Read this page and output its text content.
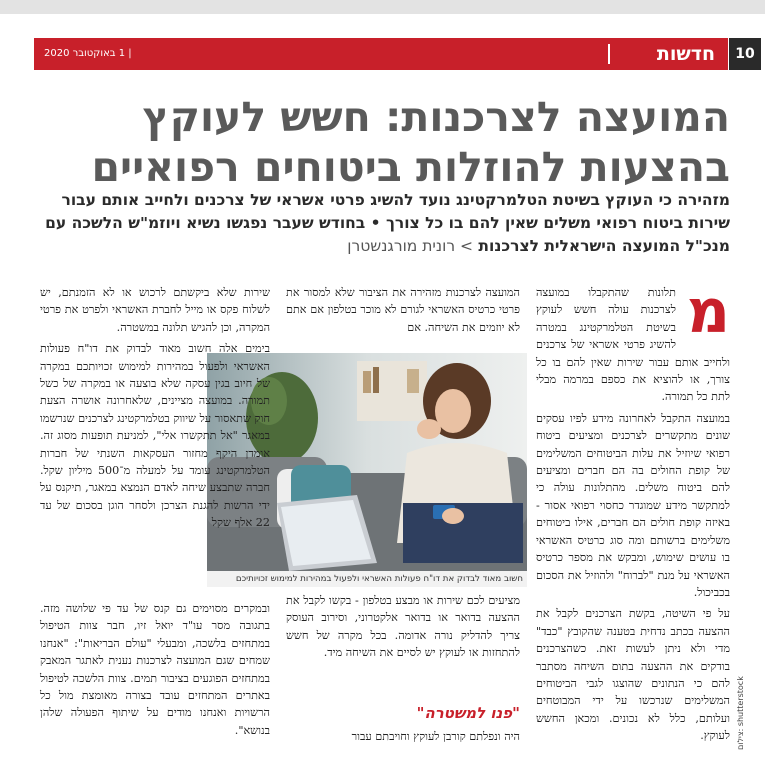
10
חדשות
| 1 באוקטובר 2020
המועצה לצרכנות: חשש לעוקץ בהצעות להוזלות ביטוחים רפואיים
מזהירה כי העוקץ בשיטת הטלמרקטינג נועד להשיג פרטי אשראי של צרכנים ולחייב אותם עבור שירות ביטוח רפואי משלים שאין להם בו כל צורך • בחודש שעבר נפגשו נשיא ויוזמ"ש הלשכה עם מנכ"ל המועצה הישראלית לצרכנות > רונית מורגנשטרן
מ

תלונות שהתקבלו במועצה לצרכנות עולה חשש לעוקץ בשיטת הטלמרקטינג במטרה להשיג פרטי אשראי של צרכנים ולחייב אותם עבור שירות שאין להם בו כל צורך, או להוציא את כספם במרמה מבלי לתת כל תמורה.

במועצה התקבל לאחרונה מידע לפיו עסקים שונים מתקשרים לצרכנים ומציעים ביטוח רפואי שיוזיל את עלות הביטוחים המשלימים של קופת החולים בה הם חברים ומציעים להם ביטוח משלים. מהתלונות עולה כי למתקשר מידע שמוגדר כחסוי רפואי אסור - באיזה קופת חולים הם חברים, אילו ביטוחים משלימים ברשותם ומה סוג כרטיס האשראי בו עושים שימוש, ומבקש את מספר כרטיס האשראי על מנת "לברוח" ולהוזיל את הסכום בכביכול.

על פי השיטה, בקשת הצרכנים לקבל את ההצעה בכתב נדחית בטענה שהקובץ "כבד" מדי ולא ניתן לעשות זאת. כשהצרכנים בודקים את ההצעה בתום השיחה מסתבר להם כי הנתונים שהוצגו לגבי הביטוחים המשלימים שנרכשו על ידי המבוטחים ועלותם, כלל לא נכונים. ומכאן החשש לעוקץ.

המועצה לצרכנות מזהירה את הציבור שלא למסור את פרטי כרטיס האשראי לגורם לא מוכר בטלפון אם אתם לא יוזמים את השיחה. אם

חשוב מאוד לבדוק את דו"ח פעולות האשראי ולפעול במהירות למימוש זכויותיכם
צילום: shutterstock

מציעים לכם שירות או מבצע בטלפון - בקשו לקבל את ההצעה בדואר או בדואר אלקטרוני, וסירוב העוסק צריך להדליק נורה אדומה. בכל מקרה של חשש להתחזות או לעוקץ יש לסיים את השיחה מיד.

"פנו למשטרה"

היה ונפלתם קורבן לעוקץ וחויבתם עבור

שירות שלא ביקשתם לרכוש או לא הזמנתם, יש לשלוח פקס או מייל לחברת האשראי ולפרט את פרטי המקרה, וכן להגיש תלונה במשטרה.

בימים אלה חשוב מאוד לבדוק את דו"ח פעולות האשראי ולפעול במהירות למימוש זכויותכם במקרה של חיוב בגין עסקה שלא בוצעה או במקרה של כשל תמורה. במועצה מציינים, שלאחרונה אושרה הצעת חוק שתאסור על שיווק בטלמרקטינג לצרכנים שנרשמו במאגר "אל תתקשרו אלי", למניעת תופעות מסוג זה. אומדן היקף מחזור העסקאות השנתי של חברות הטלמרקטינג עומד על למעלה מ־500 מיליון שקל. חברה שתבצע שיחה לאדם הנמצא במאגר, תיקנס על ידי הרשות להגנת הצרכן ולסחר הוגן בסכום של עד 22 אלף שקל

ובמקרים מסוימים גם קנס של עד פי שלושה מזה. בתגובה מסר עו"ד יואל זיו, חבר צוות הטיפול במתחזים בלשכה, ומבעלי "עולם הבריאות": "אנחנו שמחים שגם המועצה לצרכנות נענית לאתגר המאבק במתחזים הפוגעים בציבור תמים. צוות הלשכה לטיפול באתרים המתחזים עובד בצורה מאומצת מול כל הרשויות ואנחנו מודים על שיתוף הפעולה שלהן בנושא".
